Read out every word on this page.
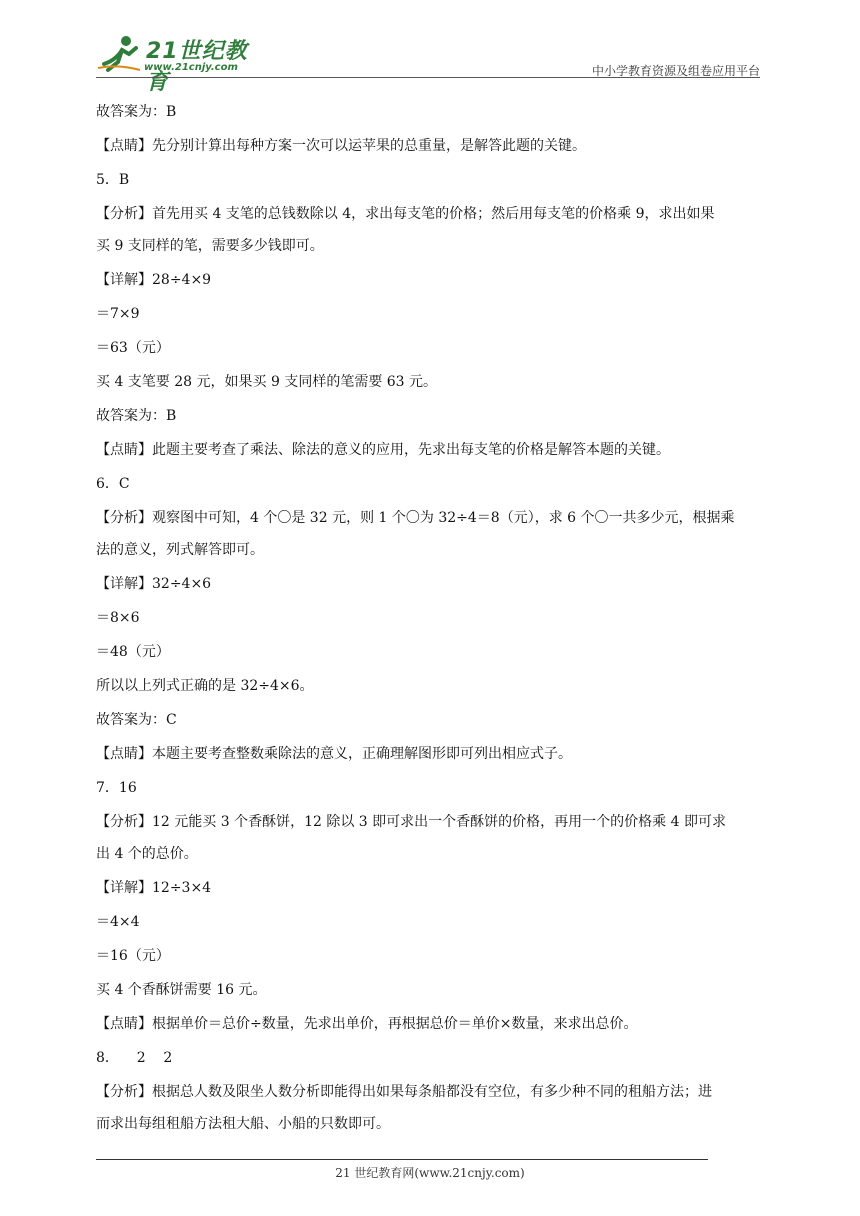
21世纪教育
www.21cnjy.com	中小学教育资源及组卷应用平台
故答案为：B
【点睛】先分别计算出每种方案一次可以运苹果的总重量，是解答此题的关键。
5．B
【分析】首先用买 4 支笔的总钱数除以 4，求出每支笔的价格；然后用每支笔的价格乘 9，求出如果
买 9 支同样的笔，需要多少钱即可。
【详解】28÷4×9
＝7×9
＝63（元）
买 4 支笔要 28 元，如果买 9 支同样的笔需要 63 元。
故答案为：B
【点睛】此题主要考查了乘法、除法的意义的应用，先求出每支笔的价格是解答本题的关键。
6．C
【分析】观察图中可知，4 个〇是 32 元，则 1 个〇为 32÷4＝8（元），求 6 个〇一共多少元，根据乘
法的意义，列式解答即可。
【详解】32÷4×6
＝8×6
＝48（元）
所以以上列式正确的是 32÷4×6。
故答案为：C
【点睛】本题主要考查整数乘除法的意义，正确理解图形即可列出相应式子。
7．16
【分析】12 元能买 3 个香酥饼，12 除以 3 即可求出一个香酥饼的价格，再用一个的价格乘 4 即可求
出 4 个的总价。
【详解】12÷3×4
＝4×4
＝16（元）
买 4 个香酥饼需要 16 元。
【点睛】根据单价＝总价÷数量，先求出单价，再根据总价＝单价×数量，来求出总价。
8．    2    2
【分析】根据总人数及限坐人数分析即能得出如果每条船都没有空位，有多少种不同的租船方法；进
而求出每组租船方法租大船、小船的只数即可。
21 世纪教育网(www.21cnjy.com)
